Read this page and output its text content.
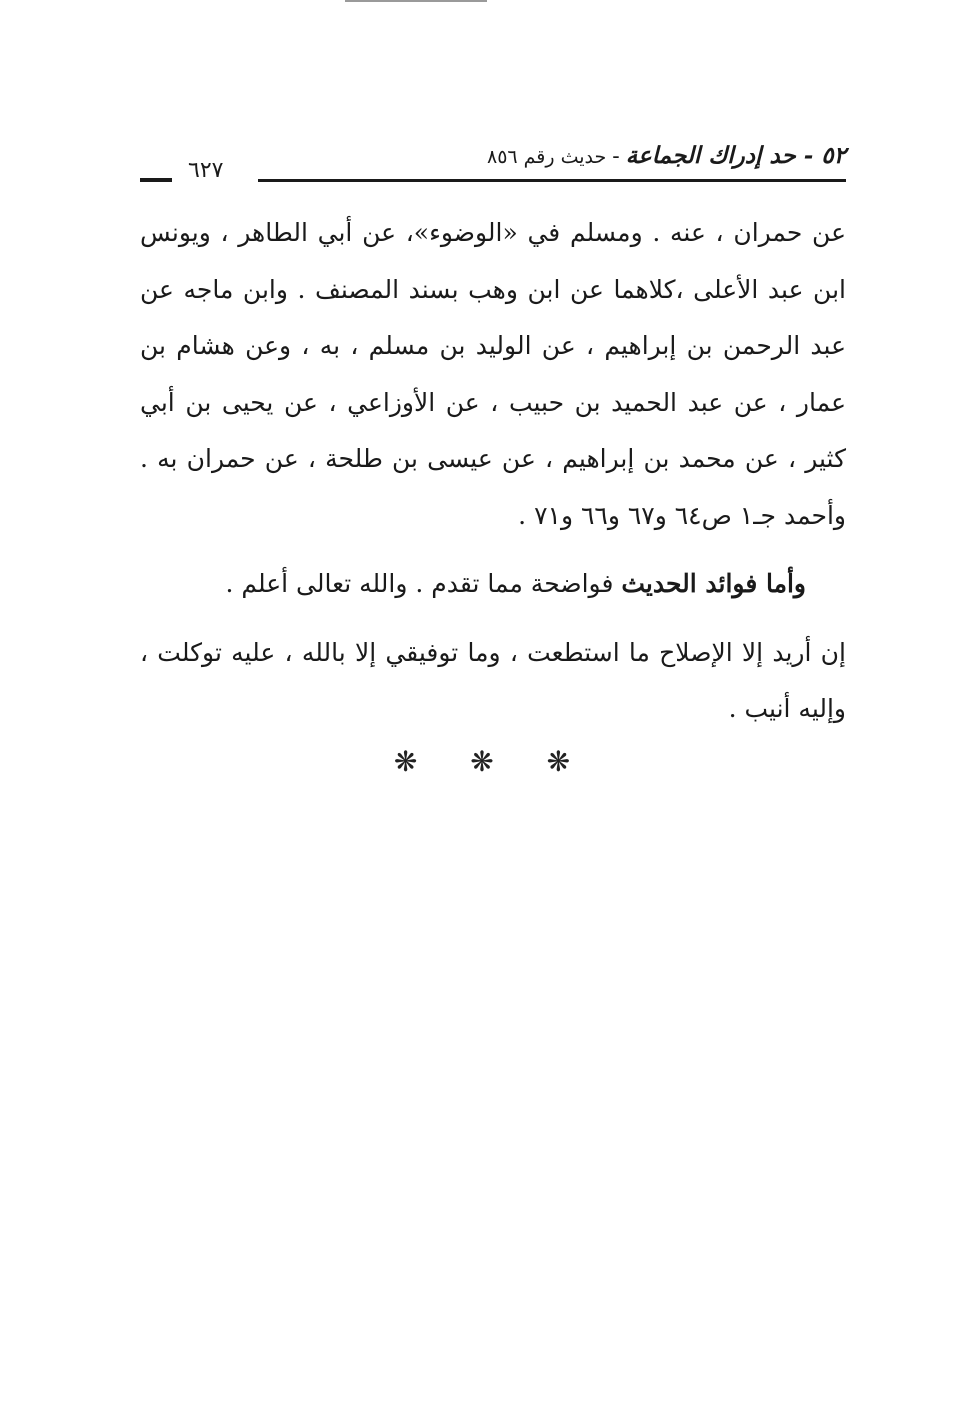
٥٢ - حد إدراك الجماعة-حديث رقم ٨٥٦
٦٢٧

عن حمران ، عنه . ومسلم في «الوضوء»، عن أبي الطاهر ، ويونس ابن عبد الأعلى ،كلاهما عن ابن وهب بسند المصنف . وابن ماجه عن عبد الرحمن بن إبراهيم ، عن الوليد بن مسلم ، به ، وعن هشام بن عمار ، عن عبد الحميد بن حبيب ، عن الأوزاعي ، عن يحيى بن أبي كثير ، عن محمد بن إبراهيم ، عن عيسى بن طلحة ، عن حمران به . وأحمد جـ١ ص٦٤ و٦٧ و٦٦ و٧١ .

وأما فوائد الحديث فواضحة مما تقدم . والله تعالى أعلم .

إن أريد إلا الإصلاح ما استطعت ، وما توفيقي إلا بالله ، عليه توكلت ، وإليه أنيب .

❋ ❋ ❋
